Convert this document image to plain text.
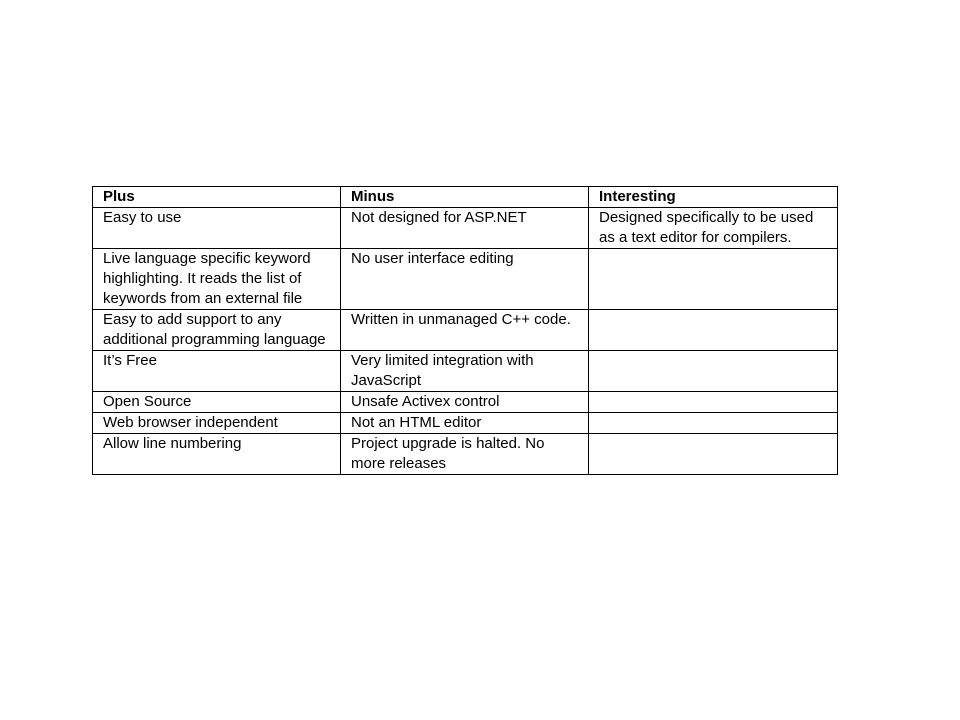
Plus	Minus	Interesting
Easy to use	Not designed for ASP.NET	Designed specifically to be used as a text editor for compilers.
Live language specific keyword highlighting. It reads the list of keywords from an external file	No user interface editing	
Easy to add support to any additional programming language	Written in unmanaged C++ code.	
It’s Free	Very limited integration with JavaScript	
Open Source	Unsafe Activex control	
Web browser independent	Not an HTML editor	
Allow line numbering	Project upgrade is halted. No more releases	
